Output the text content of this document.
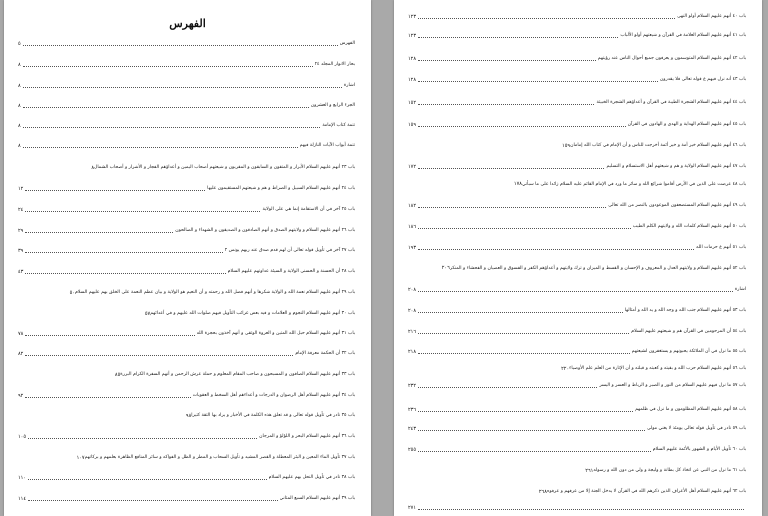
الفهرس
الفهرس
٥
بحار الانوار المجلد ٢٤
٨
اشارة
٨
الجزء الرابع و العشرون
٨
تتمة كتاب الإمامة
٨
تتمة أبواب الآيات النازلة فيهم
٨
باب ٢٣ أنهم عليهم السلام الأبرار و المتقون و السابقون و المقربون و شيعتهم أصحاب اليمين و أعداؤهم الفجار و الأشرار و أصحاب الشمال
٨
باب ٢٤ أنهم عليهم السلام السبيل و الصراط و هم و شيعتهم المستقيمون عليها
١٢
باب ٢٥ آخر في أن الاستقامة إنما هي على الولاية
٢٤
باب ٢٦ أنهم عليهم السلام و ولايتهم الصدق و أنهم الصادقون و الصديقون و الشهداء و الصالحون
٢٩
باب ٢٧ آخر في تأويل قوله تعالى أن لهم قدم صدق عند ربهم يونس ٢
٣٩
باب ٢٨ أن الحسنة و الحسنى الولاية و السيئة عداوتهم عليهم السلام
٤٣
باب ٢٩ أنهم عليهم السلام نعمة الله و الولاية شكرها و أنهم فضل الله و رحمته و أن النعيم هو الولاية و بيان عظم النعمة على الخلق بهم عليهم السلام
٥٠
باب ٣٠ أنهم عليهم السلام النجوم و العلامات و فيه بعض غرائب التأويل فيهم صلوات الله عليهم و في أعدائهم
٥٧
باب ٣١ أنهم عليهم السلام حبل الله المتين و العروة الوثقى و أنهم آخذون بحجزة الله
٧٨
باب ٣٢ أن الحكمة معرفة الإمام
٨٢
باب ٣٣ أنهم عليهم السلام الصافون و المسبحون و صاحب المقام المعلوم و حملة عرش الرحمن و أنهم السفرة الكرام البررة
٨٥
باب ٣٤ أنهم عليهم السلام أهل الرضوان و الدرجات و أعداءهم أهل السخط و العقوبات
٩٢
باب ٣٥ نادر في تأويل قوله تعالى و قد تعلق هذه الكلمة في الأخبار و يراد بها الثقة كثيرا
٩٨
باب ٣٦ أنهم عليهم السلام البحر و اللؤلؤ و المرجان
١٠٥
باب ٣٧ تأويل الماء المعين و البئر المعطلة و القصر المشيد و تأويل السحاب و المطر و الظل و الفواكه و سائر المنافع الظاهرة بعلمهم و بركاتهم
١٠٧
باب ٣٨ نادر في تأويل النحل بهم عليهم السلام
١١٠
باب ٣٩ أنهم عليهم السلام السبع المثاني
١١٤
باب ٤٠ أنهم عليهم السلام أولو النهى
١٢٣
باب ٤١ أنهم عليهم السلام العلامة في القرآن و شيعتهم أولو الألباب
١٢٣
باب ٤٢ أنهم عليهم السلام المتوسمون و يعرفون جميع أحوال الناس عند رؤيتهم
١٢٨
باب ٤٣ أنه نزل فيهم ع قوله تعالى فلا يقدرون
١٢٨
باب ٤٤ أنهم عليهم السلام الشجرة الطيبة في القرآن و أعداؤهم الشجرة الخبيثة
١٥٢
باب ٤٥ أنهم عليهم السلام الهداية و الهدى و الهادون في القرآن
١٥٩
باب ٤٦ أنهم عليهم السلام خير أمة و خير أئمة أخرجت للناس و أن الإمام في كتاب الله إمامان
١٥٩
باب ٤٧ أنهم عليهم السلام الولاية و هم و شيعتهم أهل الاستسلام و التسليم
١٧٢
باب ٤٨ عرضت على الذين في الأرض أقاموا شرائع الله و سائر ما ورد في الإمام القائم عليه السلام زائدا على ما سبأتي
١٧٨
باب ٤٩ أنهم عليهم السلام المستضعفون الموعودون بالنصر من الله تعالى
١٨٢
باب ٥٠ أنهم عليهم السلام كلمات الله و ولايتهم الكلم الطيب
١٨٦
باب ٥١ أنهم ع حرمات الله
١٩٣
باب ٥٢ أنهم عليهم السلام و ولايتهم العدل و المعروف و الإحسان و القسط و الميزان و ترك ولايتهم و أعداؤهم الكفر و الفسوق و العصيان و الفحشاء و المنكر
٢٠٦
اشارة
٢٠٨
باب ٥٣ أنهم عليهم السلام جنب الله و وجه الله و يد الله و أمثالها
٢٠٨
باب ٥٤ أن المرحومين في القرآن هم و شيعتهم عليهم السلام
٢١٦
باب ٥٥ ما نزل في أن الملائكة يحبونهم و يستغفرون لشيعتهم
٢١٨
باب ٥٦ أنهم عليهم السلام حزب الله و بقيته و كعبته و قبلته و أن الإثارة من العلم علم الأوصياء
٢٢٠
باب ٥٧ ما نزل فيهم عليهم السلام من النور و الصبر و الرباط و العسر و اليسر
٢٣٢
باب ٥٨ أنهم عليهم السلام المظلومون و ما نزل في ظلمهم
٢٣٦
باب ٥٩ نادر في تأويل قوله تعالى يومئذ لا يغني مولى
٢٤٣
باب ٦٠ تأويل الأيام و الشهور بالأئمة عليهم السلام
٢٥٥
باب ٦١ ما نزل من النبي عن اتخاذ كل بطانة و وليجة و ولي من دون الله و رسوله
٢٦١
باب ٦٢ أنهم عليهم السلام أهل الأعراف الذين ذكرهم الله في القرآن لا يدخل الجنة إلا من عرفهم و عرفوه
٢٦٨
٢٧١
